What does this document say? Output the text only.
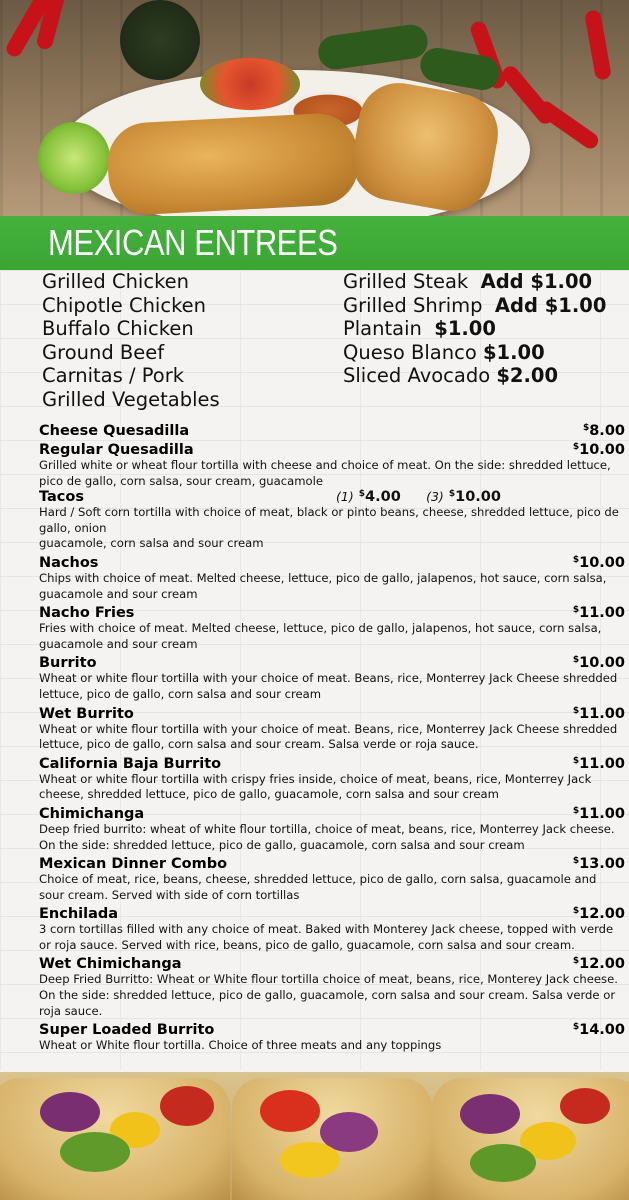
MEXICAN ENTREES
Grilled Chicken
Chipotle Chicken
Buffalo Chicken
Ground Beef
Carnitas / Pork
Grilled Vegetables
Grilled Steak Add $1.00
Grilled Shrimp Add $1.00
Plantain $1.00
Queso Blanco $1.00
Sliced Avocado $2.00
Cheese Quesadilla	$8.00
Regular Quesadilla	$10.00
Grilled white or wheat flour tortilla with cheese and choice of meat. On the side: shredded lettuce, pico de gallo, corn salsa, sour cream, guacamole
Tacos	(1) $4.00 (3) $10.00
Hard / Soft corn tortilla with choice of meat, black or pinto beans, cheese, shredded lettuce, pico de gallo, onion
guacamole, corn salsa and sour cream
Nachos	$10.00
Chips with choice of meat. Melted cheese, lettuce, pico de gallo, jalapenos, hot sauce, corn salsa, guacamole and sour cream
Nacho Fries	$11.00
Fries with choice of meat. Melted cheese, lettuce, pico de gallo, jalapenos, hot sauce, corn salsa, guacamole and sour cream
Burrito	$10.00
Wheat or white flour tortilla with your choice of meat. Beans, rice, Monterrey Jack Cheese shredded lettuce, pico de gallo, corn salsa and sour cream
Wet Burrito	$11.00
Wheat or white flour tortilla with your choice of meat. Beans, rice, Monterrey Jack Cheese shredded lettuce, pico de gallo, corn salsa and sour cream. Salsa verde or roja sauce.
California Baja Burrito	$11.00
Wheat or white flour tortilla with crispy fries inside, choice of meat, beans, rice, Monterrey Jack cheese, shredded lettuce, pico de gallo, guacamole, corn salsa and sour cream
Chimichanga	$11.00
Deep fried burrito: wheat of white flour tortilla, choice of meat, beans, rice, Monterrey Jack cheese. On the side: shredded lettuce, pico de gallo, guacamole, corn salsa and sour cream
Mexican Dinner Combo	$13.00
Choice of meat, rice, beans, cheese, shredded lettuce, pico de gallo, corn salsa, guacamole and sour cream. Served with side of corn tortillas
Enchilada	$12.00
3 corn tortillas filled with any choice of meat. Baked with Monterey Jack cheese, topped with verde or roja sauce. Served with rice, beans, pico de gallo, guacamole, corn salsa and sour cream.
Wet Chimichanga	$12.00
Deep Fried Burritto: Wheat or White flour tortilla choice of meat, beans, rice, Monterey Jack cheese. On the side: shredded lettuce, pico de gallo, guacamole, corn salsa and sour cream. Salsa verde or roja sauce.
Super Loaded Burrito	$14.00
Wheat or White flour tortilla. Choice of three meats and any toppings
